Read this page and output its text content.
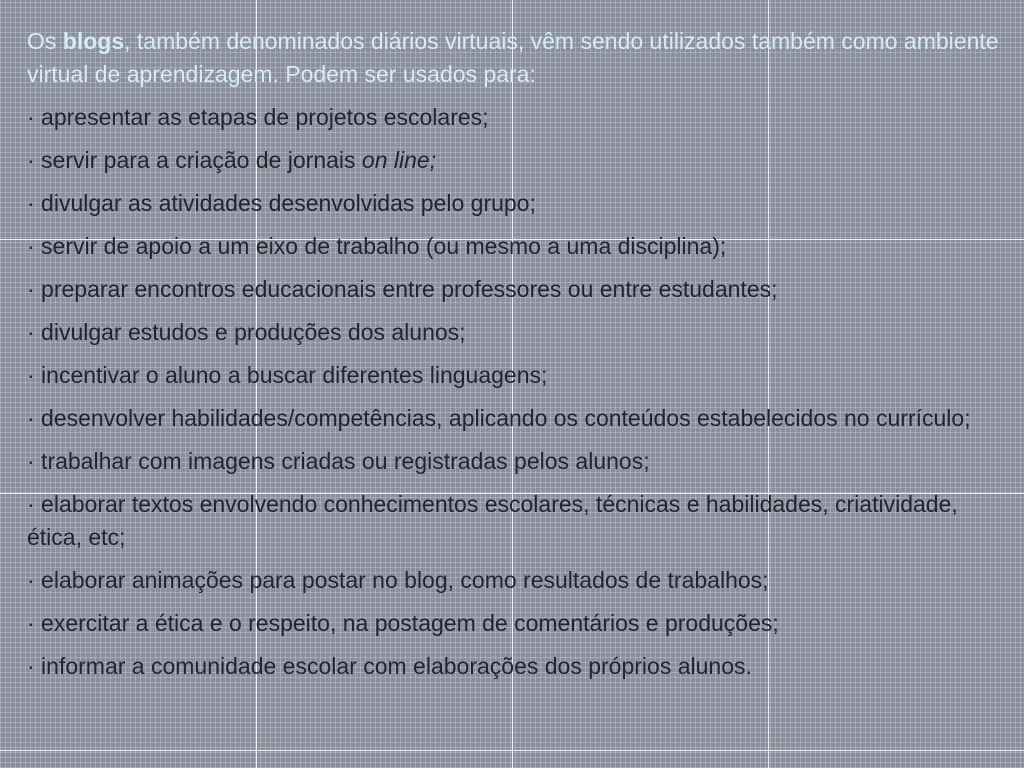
Os blogs, também denominados diários virtuais, vêm sendo utilizados também como ambiente virtual de aprendizagem. Podem ser usados para:
· apresentar as etapas de projetos escolares;
· servir para a criação de jornais on line;
· divulgar as atividades desenvolvidas pelo grupo;
· servir de apoio a um eixo de trabalho (ou mesmo a uma disciplina);
· preparar encontros educacionais entre professores ou entre estudantes;
· divulgar estudos e produções dos alunos;
· incentivar o aluno a buscar diferentes linguagens;
· desenvolver habilidades/competências, aplicando os conteúdos estabelecidos no currículo;
· trabalhar com imagens criadas ou registradas pelos alunos;
· elaborar textos envolvendo conhecimentos escolares, técnicas e habilidades, criatividade, ética, etc;
· elaborar animações para postar no blog, como resultados de trabalhos;
· exercitar a ética e o respeito, na postagem de comentários e produções;
· informar a comunidade escolar com elaborações dos próprios alunos.
